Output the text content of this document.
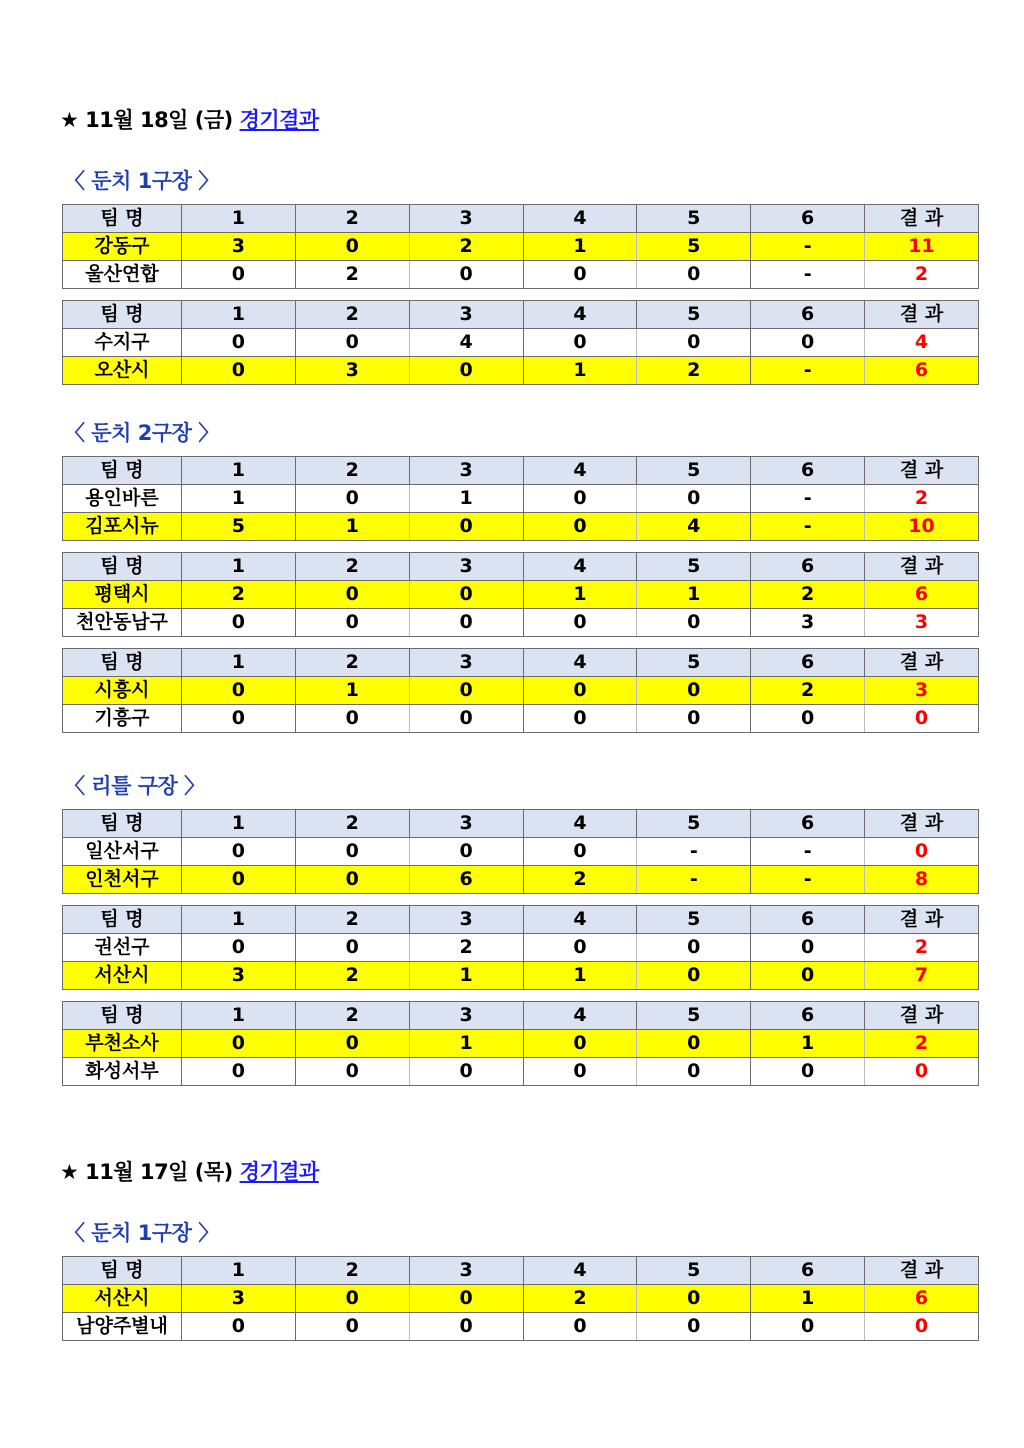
★ 11월 18일 (금) 경기결과
〈 둔치 1구장 〉
팀 명	1	2	3	4	5	6	결 과
강동구	3	0	2	1	5	-	11
울산연합	0	2	0	0	0	-	2
팀 명	1	2	3	4	5	6	결 과
수지구	0	0	4	0	0	0	4
오산시	0	3	0	1	2	-	6
〈 둔치 2구장 〉
팀 명	1	2	3	4	5	6	결 과
용인바른	1	0	1	0	0	-	2
김포시뉴	5	1	0	0	4	-	10
팀 명	1	2	3	4	5	6	결 과
평택시	2	0	0	1	1	2	6
천안동남구	0	0	0	0	0	3	3
팀 명	1	2	3	4	5	6	결 과
시흥시	0	1	0	0	0	2	3
기흥구	0	0	0	0	0	0	0
〈 리틀 구장 〉
팀 명	1	2	3	4	5	6	결 과
일산서구	0	0	0	0	-	-	0
인천서구	0	0	6	2	-	-	8
팀 명	1	2	3	4	5	6	결 과
권선구	0	0	2	0	0	0	2
서산시	3	2	1	1	0	0	7
팀 명	1	2	3	4	5	6	결 과
부천소사	0	0	1	0	0	1	2
화성서부	0	0	0	0	0	0	0
★ 11월 17일 (목) 경기결과
〈 둔치 1구장 〉
팀 명	1	2	3	4	5	6	결 과
서산시	3	0	0	2	0	1	6
남양주별내	0	0	0	0	0	0	0
